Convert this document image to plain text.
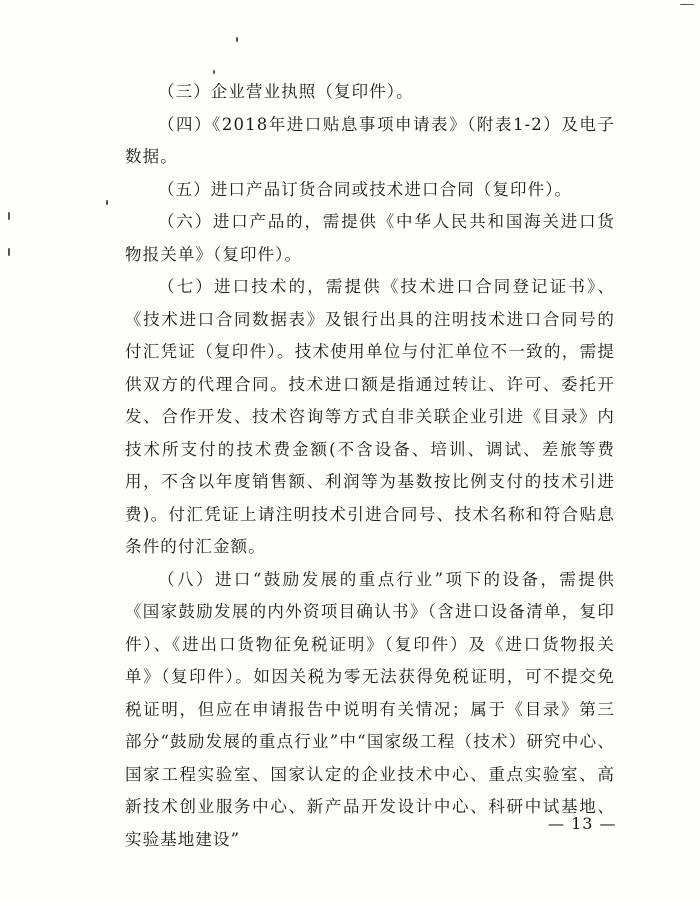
（三）企业营业执照（复印件）。

（四）《2018年进口贴息事项申请表》（附表1-2）及电子数据。

（五）进口产品订货合同或技术进口合同（复印件）。

（六）进口产品的，需提供《中华人民共和国海关进口货物报关单》（复印件）。

（七）进口技术的，需提供《技术进口合同登记证书》、《技术进口合同数据表》及银行出具的注明技术进口合同号的付汇凭证（复印件）。技术使用单位与付汇单位不一致的，需提供双方的代理合同。技术进口额是指通过转让、许可、委托开发、合作开发、技术咨询等方式自非关联企业引进《目录》内技术所支付的技术费金额(不含设备、培训、调试、差旅等费用，不含以年度销售额、利润等为基数按比例支付的技术引进费)。付汇凭证上请注明技术引进合同号、技术名称和符合贴息条件的付汇金额。

（八）进口“鼓励发展的重点行业”项下的设备，需提供《国家鼓励发展的内外资项目确认书》（含进口设备清单，复印件）、《进出口货物征免税证明》（复印件）及《进口货物报关单》（复印件）。如因关税为零无法获得免税证明，可不提交免税证明，但应在申请报告中说明有关情况；属于《目录》第三部分“鼓励发展的重点行业”中“国家级工程（技术）研究中心、国家工程实验室、国家认定的企业技术中心、重点实验室、高新技术创业服务中心、新产品开发设计中心、科研中试基地、实验基地建设”

— 13 —
